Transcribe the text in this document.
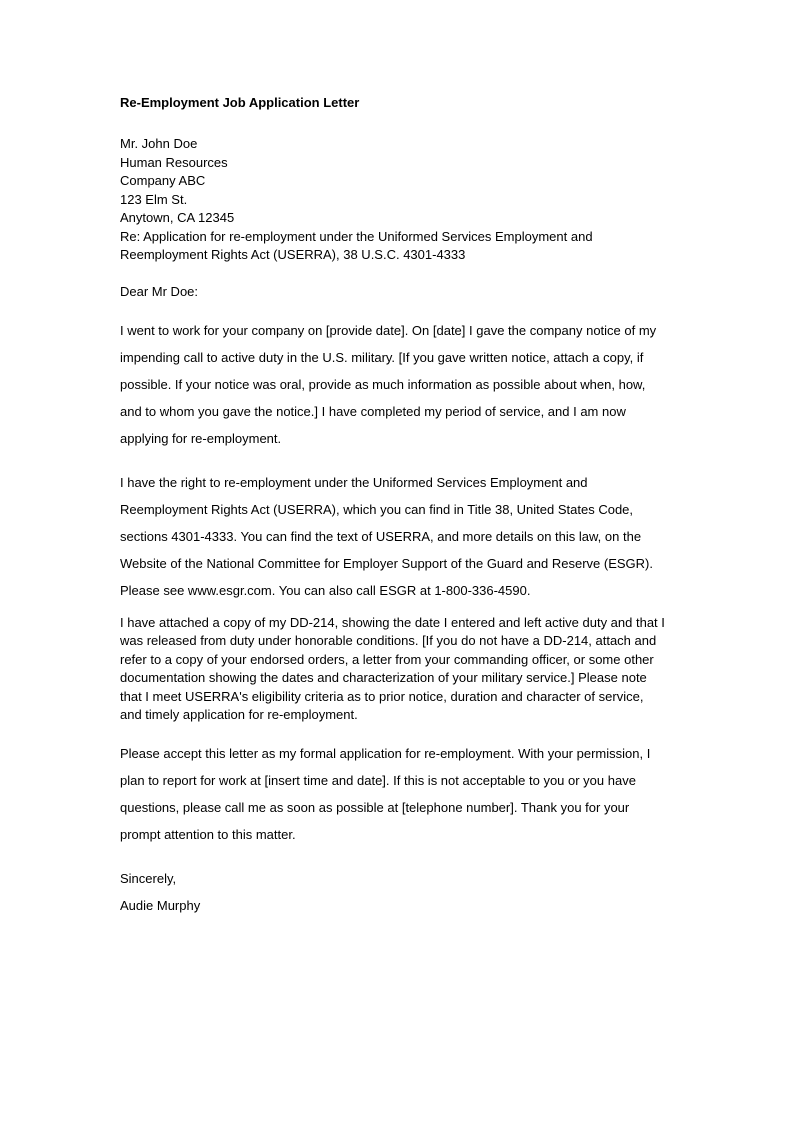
Re-Employment Job Application Letter
Mr. John Doe
Human Resources
Company ABC
123 Elm St.
Anytown, CA 12345
Re: Application for re-employment under the Uniformed Services Employment and
Reemployment Rights Act (USERRA), 38 U.S.C. 4301-4333
Dear Mr Doe:

I went to work for your company on [provide date]. On [date] I gave the company notice of my impending call to active duty in the U.S. military. [If you gave written notice, attach a copy, if possible. If your notice was oral, provide as much information as possible about when, how, and to whom you gave the notice.] I have completed my period of service, and I am now applying for re-employment.

I have the right to re-employment under the Uniformed Services Employment and Reemployment Rights Act (USERRA), which you can find in Title 38, United States Code, sections 4301-4333. You can find the text of USERRA, and more details on this law, on the Website of the National Committee for Employer Support of the Guard and Reserve (ESGR). Please see www.esgr.com. You can also call ESGR at 1-800-336-4590.

I have attached a copy of my DD-214, showing the date I entered and left active duty and that I was released from duty under honorable conditions. [If you do not have a DD-214, attach and refer to a copy of your endorsed orders, a letter from your commanding officer, or some other documentation showing the dates and characterization of your military service.] Please note that I meet USERRA's eligibility criteria as to prior notice, duration and character of service, and timely application for re-employment.

Please accept this letter as my formal application for re-employment. With your permission, I plan to report for work at [insert time and date]. If this is not acceptable to you or you have questions, please call me as soon as possible at [telephone number]. Thank you for your prompt attention to this matter.

Sincerely,
Audie Murphy
